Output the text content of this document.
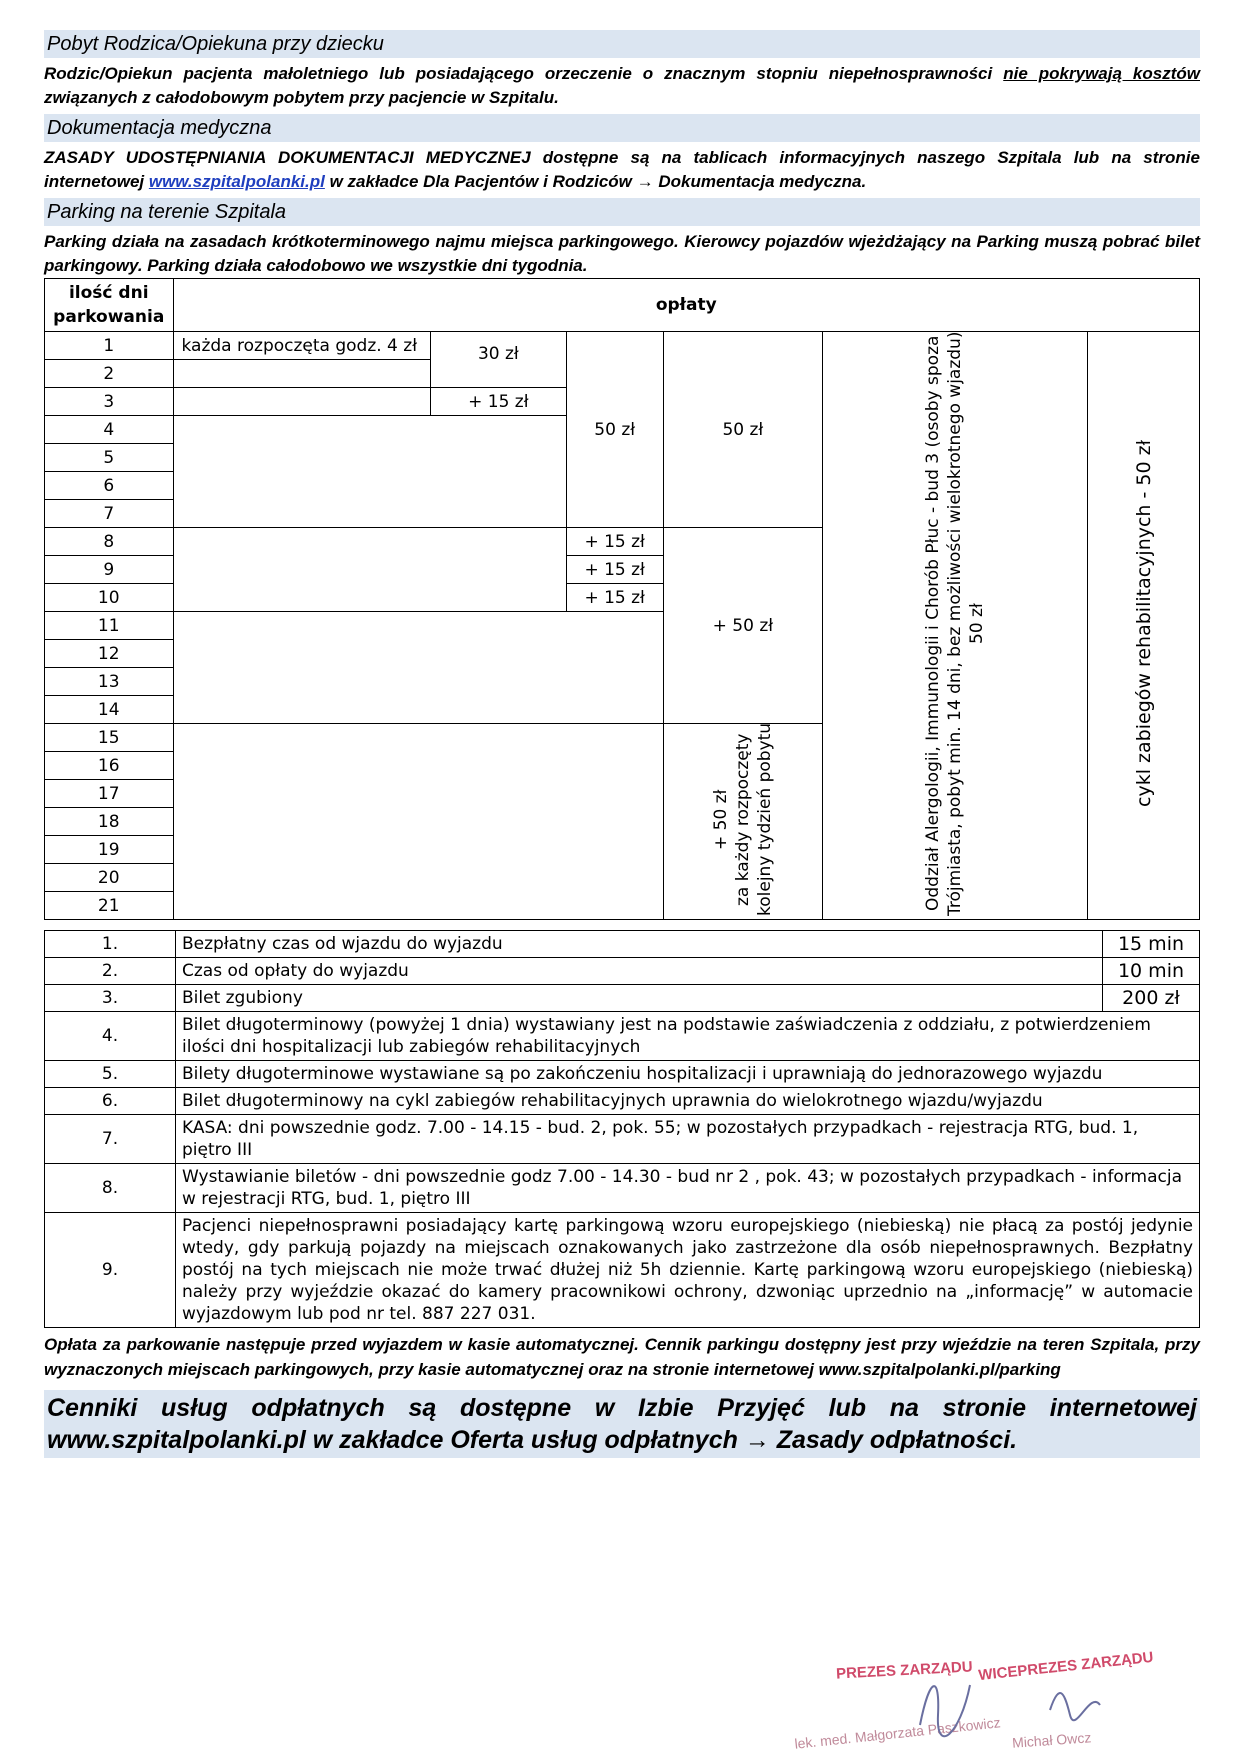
Pobyt Rodzica/Opiekuna przy dziecku
Rodzic/Opiekun pacjenta małoletniego lub posiadającego orzeczenie o znacznym stopniu niepełnosprawności nie pokrywają kosztów związanych z całodobowym pobytem przy pacjencie w Szpitalu.
Dokumentacja medyczna
ZASADY UDOSTĘPNIANIA DOKUMENTACJI MEDYCZNEJ dostępne są na tablicach informacyjnych naszego Szpitala lub na stronie internetowej www.szpitalpolanki.pl w zakładce Dla Pacjentów i Rodziców → Dokumentacja medyczna.
Parking na terenie Szpitala
Parking działa na zasadach krótkoterminowego najmu miejsca parkingowego. Kierowcy pojazdów wjeżdżający na Parking muszą pobrać bilet parkingowy. Parking działa całodobowo we wszystkie dni tygodnia.
ilość dni parkowania	opłaty					
1	każda rozpoczęta godz. 4 zł	30 zł	50 zł	50 zł	Oddział Alergologii, Immunologii i Chorób Płuc - bud 3 (osoby spoza Trójmiasta, pobyt min. 14 dni, bez możliwości wielokrotnego wjazdu) 50 zł	cykl zabiegów rehabilitacyjnych - 50 zł
2						
3		+ 15 zł				
4						
5						
6						
7						
8			+ 15 zł	+ 50 zł		
9			+ 15 zł			
10			+ 15 zł			
11						
12						
13						
14						
15				+ 50 zł
za każdy rozpoczęty kolejny tydzień pobytu		
16						
17						
18						
19						
20						
21						
1.	Bezpłatny czas od wjazdu do wyjazdu	15 min
2.	Czas od opłaty do wyjazdu	10 min
3.	Bilet zgubiony	200 zł
4.	Bilet długoterminowy (powyżej 1 dnia) wystawiany jest na podstawie zaświadczenia z oddziału, z potwierdzeniem ilości dni hospitalizacji lub zabiegów rehabilitacyjnych	
5.	Bilety długoterminowe wystawiane są po zakończeniu hospitalizacji i uprawniają do jednorazowego wyjazdu	
6.	Bilet długoterminowy na cykl zabiegów rehabilitacyjnych uprawnia do wielokrotnego wjazdu/wyjazdu	
7.	KASA: dni powszednie godz. 7.00 - 14.15 - bud. 2, pok. 55; w pozostałych przypadkach - rejestracja RTG, bud. 1, piętro III	
8.	Wystawianie biletów - dni powszednie godz 7.00 - 14.30 - bud nr 2 , pok. 43; w pozostałych przypadkach - informacja w rejestracji RTG, bud. 1, piętro III	
9.	Pacjenci niepełnosprawni posiadający kartę parkingową wzoru europejskiego (niebieską) nie płacą za postój jedynie wtedy, gdy parkują pojazdy na miejscach oznakowanych jako zastrzeżone dla osób niepełnosprawnych. Bezpłatny postój na tych miejscach nie może trwać dłużej niż 5h dziennie. Kartę parkingową wzoru europejskiego (niebieską) należy przy wyjeździe okazać do kamery pracownikowi ochrony, dzwoniąc uprzednio na „informację” w automacie wyjazdowym lub pod nr tel. 887 227 031.	
Opłata za parkowanie następuje przed wyjazdem w kasie automatycznej. Cennik parkingu dostępny jest przy wjeździe na teren Szpitala, przy wyznaczonych miejscach parkingowych, przy kasie automatycznej oraz na stronie internetowej www.szpitalpolanki.pl/parking
Cenniki usług odpłatnych są dostępne w Izbie Przyjęć lub na stronie internetowej www.szpitalpolanki.pl w zakładce Oferta usług odpłatnych → Zasady odpłatności.
PREZES ZARZĄDU WICEPREZES ZARZĄDU
lek. med. Małgorzata Paszkowicz Michał Owcz
